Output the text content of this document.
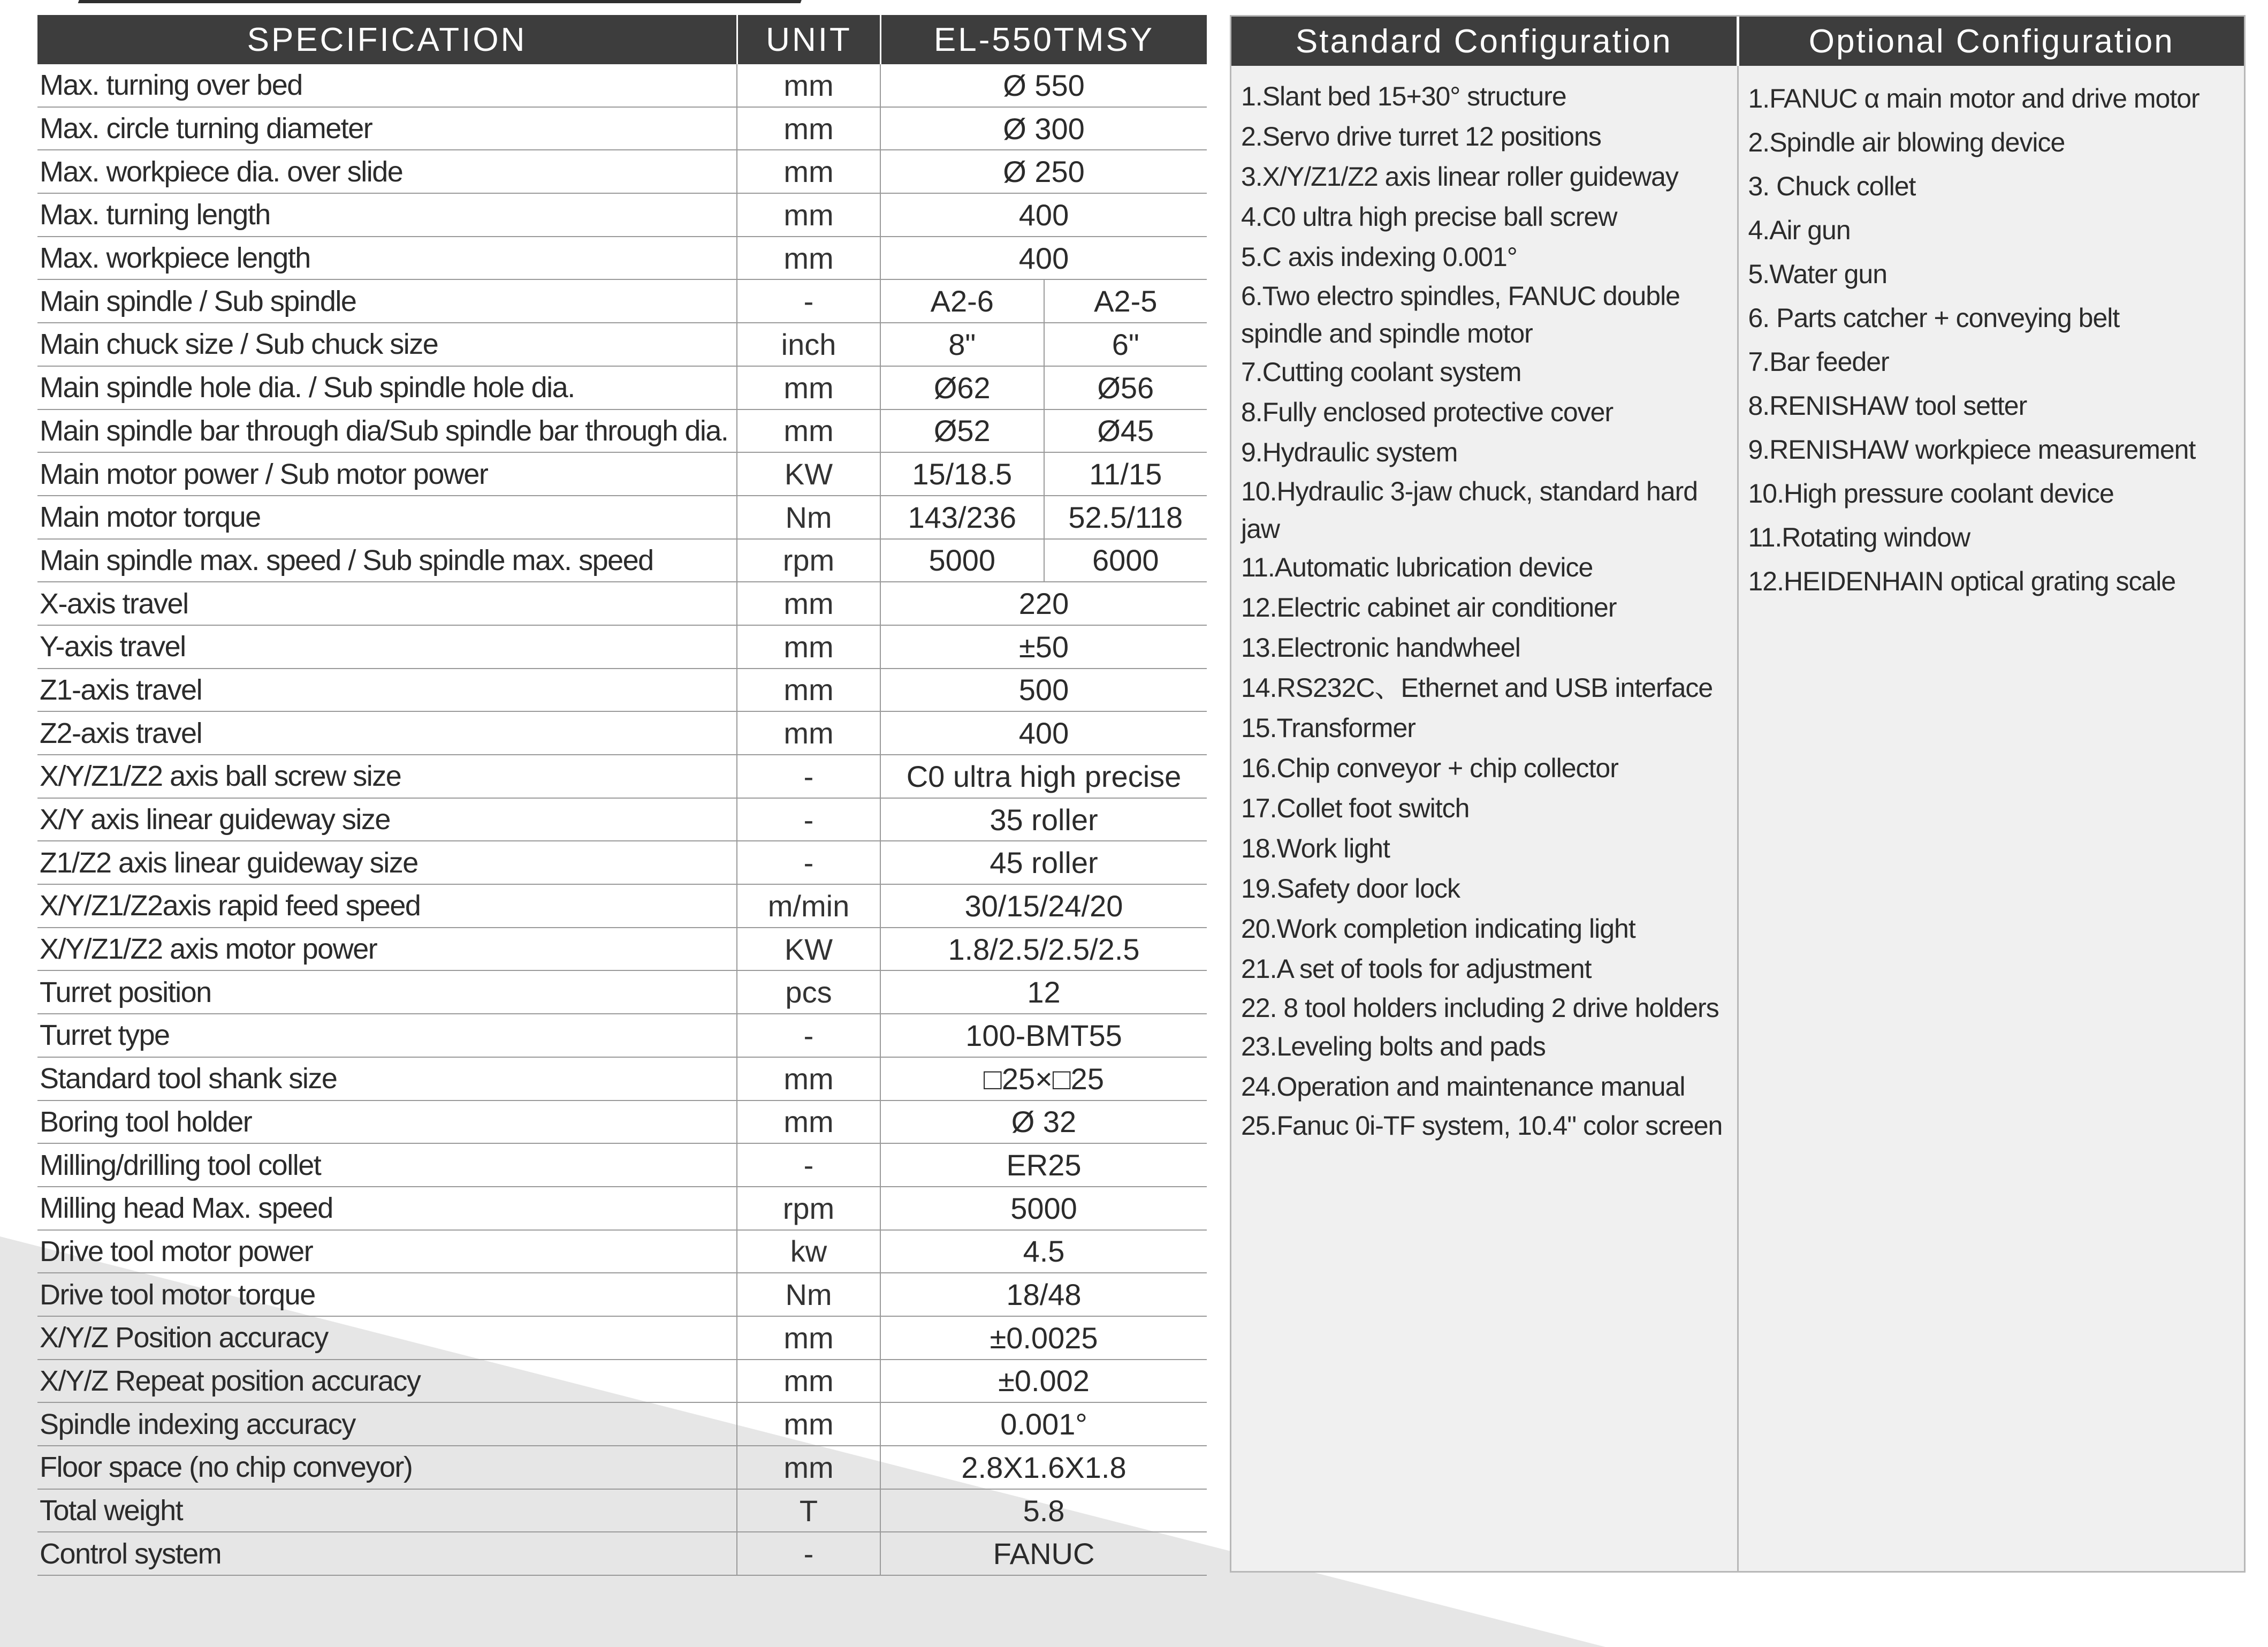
SPECIFICATION	UNIT	EL-550TMSY
Max. turning over bed	mm	Ø 550
Max. circle turning diameter	mm	Ø 300
Max. workpiece dia. over slide	mm	Ø 250
Max. turning length	mm	400
Max. workpiece length	mm	400
Main spindle / Sub spindle	-	A2-6	A2-5
Main chuck size / Sub chuck size	inch	8"	6"
Main spindle hole dia. / Sub spindle hole dia.	mm	Ø62	Ø56
Main spindle bar through dia/Sub spindle bar through dia.	mm	Ø52	Ø45
Main motor power / Sub motor power	KW	15/18.5	11/15
Main motor torque	Nm	143/236	52.5/118
Main spindle max. speed / Sub spindle max. speed	rpm	5000	6000
X-axis travel	mm	220
Y-axis travel	mm	±50
Z1-axis travel	mm	500
Z2-axis travel	mm	400
X/Y/Z1/Z2 axis ball screw size	-	C0 ultra high precise
X/Y axis linear guideway size	-	35 roller
Z1/Z2 axis linear guideway size	-	45 roller
X/Y/Z1/Z2axis rapid feed speed	m/min	30/15/24/20
X/Y/Z1/Z2 axis motor power	KW	1.8/2.5/2.5/2.5
Turret position	pcs	12
Turret type	-	100-BMT55
Standard tool shank size	mm	□25×□25
Boring tool holder	mm	Ø 32
Milling/drilling tool collet	-	ER25
Milling head Max. speed	rpm	5000
Drive tool motor power	kw	4.5
Drive tool motor torque	Nm	18/48
X/Y/Z Position accuracy	mm	±0.0025
X/Y/Z Repeat position accuracy	mm	±0.002
Spindle indexing accuracy	mm	0.001°
Floor space (no chip conveyor)	mm	2.8X1.6X1.8
Total weight	T	5.8
Control system	-	FANUC
Standard Configuration	Optional Configuration
1.Slant bed 15+30° structure
2.Servo drive turret 12 positions
3.X/Y/Z1/Z2 axis linear roller guideway
4.C0 ultra high precise ball screw
5.C axis indexing 0.001°
6.Two electro spindles, FANUC double spindle and spindle motor
7.Cutting coolant system
8.Fully enclosed protective cover
9.Hydraulic system
10.Hydraulic 3-jaw chuck, standard hard jaw
11.Automatic lubrication device
12.Electric cabinet air conditioner
13.Electronic handwheel
14.RS232C、Ethernet and USB interface
15.Transformer
16.Chip conveyor + chip collector
17.Collet foot switch
18.Work light
19.Safety door lock
20.Work completion indicating light
21.A set of tools for adjustment
22. 8 tool holders including 2 drive holders
23.Leveling bolts and pads
24.Operation and maintenance manual
25.Fanuc 0i-TF system, 10.4" color screen
1.FANUC α main motor and drive motor
2.Spindle air blowing device
3. Chuck collet
4.Air gun
5.Water gun
6. Parts catcher + conveying belt
7.Bar feeder
8.RENISHAW tool setter
9.RENISHAW workpiece measurement
10.High pressure coolant device
11.Rotating window
12.HEIDENHAIN optical grating scale
